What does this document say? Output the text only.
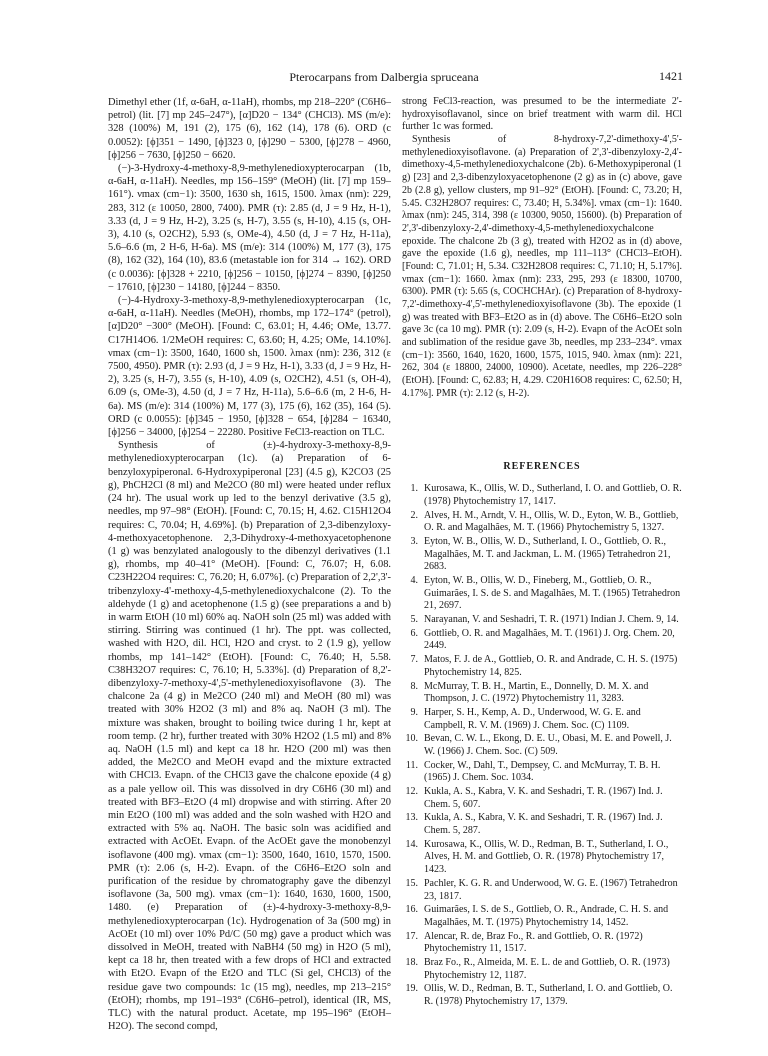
Pterocarpans from Dalbergia spruceana	1421

Dimethyl ether (1f, α-6aH, α-11aH), rhombs, mp 218–220° (C6H6–petrol) (lit. [7] mp 245–247°), [α]D20 − 134° (CHCl3). MS (m/e): 328 (100%) M, 191 (2), 175 (6), 162 (14), 178 (6). ORD (c 0.0052): [ϕ]351 − 1490, [ϕ]323 0, [ϕ]290 − 5300, [ϕ]278 − 4960, [ϕ]256 − 7630, [ϕ]250 − 6620.

(−)-3-Hydroxy-4-methoxy-8,9-methylenedioxypterocarpan (1b, α-6aH, α-11aH). Needles, mp 156–159° (MeOH) (lit. [7] mp 159–161°). νmax (cm−1): 3500, 1630 sh, 1615, 1500. λmax (nm): 229, 283, 312 (ε 10050, 2800, 7400). PMR (τ): 2.85 (d, J = 9 Hz, H-1), 3.33 (d, J = 9 Hz, H-2), 3.25 (s, H-7), 3.55 (s, H-10), 4.15 (s, OH-3), 4.10 (s, O2CH2), 5.93 (s, OMe-4), 4.50 (d, J = 7 Hz, H-11a), 5.6–6.6 (m, 2 H-6, H-6a). MS (m/e): 314 (100%) M, 177 (3), 175 (8), 162 (32), 164 (10), 83.6 (metastable ion for 314 → 162). ORD (c 0.0036): [ϕ]328 + 2210, [ϕ]256 − 10150, [ϕ]274 − 8390, [ϕ]250 − 17610, [ϕ]230 − 14180, [ϕ]244 − 8350.

(−)-4-Hydroxy-3-methoxy-8,9-methylenedioxypterocarpan (1c, α-6aH, α-11aH). Needles (MeOH), rhombs, mp 172–174° (petrol), [α]D20° −300° (MeOH). [Found: C, 63.01; H, 4.46; OMe, 13.77. C17H14O6. 1/2MeOH requires: C, 63.60; H, 4.25; OMe, 14.10%]. νmax (cm−1): 3500, 1640, 1600 sh, 1500. λmax (nm): 236, 312 (ε 7500, 4950). PMR (τ): 2.93 (d, J = 9 Hz, H-1), 3.33 (d, J = 9 Hz, H-2), 3.25 (s, H-7), 3.55 (s, H-10), 4.09 (s, O2CH2), 4.51 (s, OH-4), 6.09 (s, OMe-3), 4.50 (d, J = 7 Hz, H-11a), 5.6–6.6 (m, 2 H-6, H-6a). MS (m/e): 314 (100%) M, 177 (3), 175 (6), 162 (35), 164 (5). ORD (c 0.0055): [ϕ]345 − 1950, [ϕ]328 − 654, [ϕ]284 − 16340, [ϕ]256 − 34000, [ϕ]254 − 22280. Positive FeCl3-reaction on TLC.

Synthesis of (±)-4-hydroxy-3-methoxy-8,9-methylenedioxypterocarpan (1c). (a) Preparation of 6-benzyloxypiperonal. 6-Hydroxypiperonal [23] (4.5 g), K2CO3 (25 g), PhCH2Cl (8 ml) and Me2CO (80 ml) were heated under reflux (24 hr). The usual work up led to the benzyl derivative (3.5 g), needles, mp 97–98° (EtOH). [Found: C, 70.15; H, 4.62. C15H12O4 requires: C, 70.04; H, 4.69%]. (b) Preparation of 2,3-dibenzyloxy-4-methoxyacetophenone. 2,3-Dihydroxy-4-methoxyacetophenone (1 g) was benzylated analogously to the dibenzyl derivatives (1.1 g), rhombs, mp 40–41° (MeOH). [Found: C, 76.07; H, 6.08. C23H22O4 requires: C, 76.20; H, 6.07%]. (c) Preparation of 2,2',3'-tribenzyloxy-4'-methoxy-4,5-methylenedioxychalcone (2). To the aldehyde (1 g) and acetophenone (1.5 g) (see preparations a and b) in warm EtOH (10 ml) 60% aq. NaOH soln (25 ml) was added with stirring. Stirring was continued (1 hr). The ppt. was collected, washed with H2O, dil. HCl, H2O and cryst. to 2 (1.9 g), yellow rhombs, mp 141–142° (EtOH). [Found: C, 76.40; H, 5.58. C38H32O7 requires: C, 76.10; H, 5.33%]. (d) Preparation of 8,2'-dibenzyloxy-7-methoxy-4',5'-methylenedioxyisoflavone (3). The chalcone 2a (4 g) in Me2CO (240 ml) and MeOH (80 ml) was treated with 30% H2O2 (3 ml) and 8% aq. NaOH (3 ml). The mixture was shaken, brought to boiling twice during 1 hr, kept at room temp. (2 hr), further treated with 30% H2O2 (1.5 ml) and 8% aq. NaOH (1.5 ml) and kept ca 18 hr. H2O (200 ml) was then added, the Me2CO and MeOH evapd and the mixture extracted with CHCl3. Evapn. of the CHCl3 gave the chalcone epoxide (4 g) as a pale yellow oil. This was dissolved in dry C6H6 (30 ml) and treated with BF3–Et2O (4 ml) dropwise and with stirring. After 20 min Et2O (100 ml) was added and the soln washed with H2O and extracted with 5% aq. NaOH. The basic soln was acidified and extracted with AcOEt. Evapn. of the AcOEt gave the monobenzyl isoflavone (400 mg). νmax (cm−1): 3500, 1640, 1610, 1570, 1500. PMR (τ): 2.06 (s, H-2). Evapn. of the C6H6–Et2O soln and purification of the residue by chromatography gave the dibenzyl isoflavone (3a, 500 mg). νmax (cm−1): 1640, 1630, 1600, 1500, 1480. (e) Preparation of (±)-4-hydroxy-3-methoxy-8,9-methylenedioxypterocarpan (1c). Hydrogenation of 3a (500 mg) in AcOEt (10 ml) over 10% Pd/C (50 mg) gave a product which was dissolved in MeOH, treated with NaBH4 (50 mg) in H2O (5 ml), kept ca 18 hr, then treated with a few drops of HCl and extracted with Et2O. Evapn of the Et2O and TLC (Si gel, CHCl3) of the residue gave two compounds: 1c (15 mg), needles, mp 213–215° (EtOH); rhombs, mp 191–193° (C6H6–petrol), identical (IR, MS, TLC) with the natural product. Acetate, mp 195–196° (EtOH–H2O). The second compd,

strong FeCl3-reaction, was presumed to be the intermediate 2'-hydroxyisoflavanol, since on brief treatment with warm dil. HCl further 1c was formed.

Synthesis of 8-hydroxy-7,2'-dimethoxy-4',5'-methylenedioxyisoflavone. (a) Preparation of 2',3'-dibenzyloxy-2,4'-dimethoxy-4,5-methylenedioxychalcone (2b). 6-Methoxypiperonal (1 g) [23] and 2,3-dibenzyloxyacetophenone (2 g) as in (c) above, gave 2b (2.8 g), yellow clusters, mp 91–92° (EtOH). [Found: C, 73.20; H, 5.45. C32H28O7 requires: C, 73.40; H, 5.34%]. νmax (cm−1): 1640. λmax (nm): 245, 314, 398 (ε 10300, 9050, 15600). (b) Preparation of 2',3'-dibenzyloxy-2,4'-dimethoxy-4,5-methylenedioxychalcone epoxide. The chalcone 2b (3 g), treated with H2O2 as in (d) above, gave the epoxide (1.6 g), needles, mp 111–113° (CHCl3–EtOH). [Found: C, 71.01; H, 5.34. C32H28O8 requires: C, 71.10; H, 5.17%]. νmax (cm−1): 1660. λmax (nm): 233, 295, 293 (ε 18300, 10700, 6300). PMR (τ): 5.65 (s, COCHCHAr). (c) Preparation of 8-hydroxy-7,2'-dimethoxy-4',5'-methylenedioxyisoflavone (3b). The epoxide (1 g) was treated with BF3–Et2O as in (d) above. The C6H6–Et2O soln gave 3c (ca 10 mg). PMR (τ): 2.09 (s, H-2). Evapn of the AcOEt soln and sublimation of the residue gave 3b, needles, mp 233–234°. νmax (cm−1): 3560, 1640, 1620, 1600, 1575, 1015, 940. λmax (nm): 221, 262, 304 (ε 18800, 24000, 10900). Acetate, needles, mp 226–228° (EtOH). [Found: C, 62.83; H, 4.29. C20H16O8 requires: C, 62.50; H, 4.17%]. PMR (τ): 2.12 (s, H-2).

REFERENCES
1. Kurosawa, K., Ollis, W. D., Sutherland, I. O. and Gottlieb, O. R. (1978) Phytochemistry 17, 1417.
2. Alves, H. M., Arndt, V. H., Ollis, W. D., Eyton, W. B., Gottlieb, O. R. and Magalhães, M. T. (1966) Phytochemistry 5, 1327.
3. Eyton, W. B., Ollis, W. D., Sutherland, I. O., Gottlieb, O. R., Magalhães, M. T. and Jackman, L. M. (1965) Tetrahedron 21, 2683.
4. Eyton, W. B., Ollis, W. D., Fineberg, M., Gottlieb, O. R., Guimarães, I. S. de S. and Magalhães, M. T. (1965) Tetrahedron 21, 2697.
5. Narayanan, V. and Seshadri, T. R. (1971) Indian J. Chem. 9, 14.
6. Gottlieb, O. R. and Magalhães, M. T. (1961) J. Org. Chem. 20, 2449.
7. Matos, F. J. de A., Gottlieb, O. R. and Andrade, C. H. S. (1975) Phytochemistry 14, 825.
8. McMurray, T. B. H., Martin, E., Donnelly, D. M. X. and Thompson, J. C. (1972) Phytochemistry 11, 3283.
9. Harper, S. H., Kemp, A. D., Underwood, W. G. E. and Campbell, R. V. M. (1969) J. Chem. Soc. (C) 1109.
10. Bevan, C. W. L., Ekong, D. E. U., Obasi, M. E. and Powell, J. W. (1966) J. Chem. Soc. (C) 509.
11. Cocker, W., Dahl, T., Dempsey, C. and McMurray, T. B. H. (1965) J. Chem. Soc. 1034.
12. Kukla, A. S., Kabra, V. K. and Seshadri, T. R. (1967) Ind. J. Chem. 5, 607.
13. Kukla, A. S., Kabra, V. K. and Seshadri, T. R. (1967) Ind. J. Chem. 5, 287.
14. Kurosawa, K., Ollis, W. D., Redman, B. T., Sutherland, I. O., Alves, H. M. and Gottlieb, O. R. (1978) Phytochemistry 17, 1423.
15. Pachler, K. G. R. and Underwood, W. G. E. (1967) Tetrahedron 23, 1817.
16. Guimarães, I. S. de S., Gottlieb, O. R., Andrade, C. H. S. and Magalhães, M. T. (1975) Phytochemistry 14, 1452.
17. Alencar, R. de, Braz Fo., R. and Gottlieb, O. R. (1972) Phytochemistry 11, 1517.
18. Braz Fo., R., Almeida, M. E. L. de and Gottlieb, O. R. (1973) Phytochemistry 12, 1187.
19. Ollis, W. D., Redman, B. T., Sutherland, I. O. and Gottlieb, O. R. (1978) Phytochemistry 17, 1379.
